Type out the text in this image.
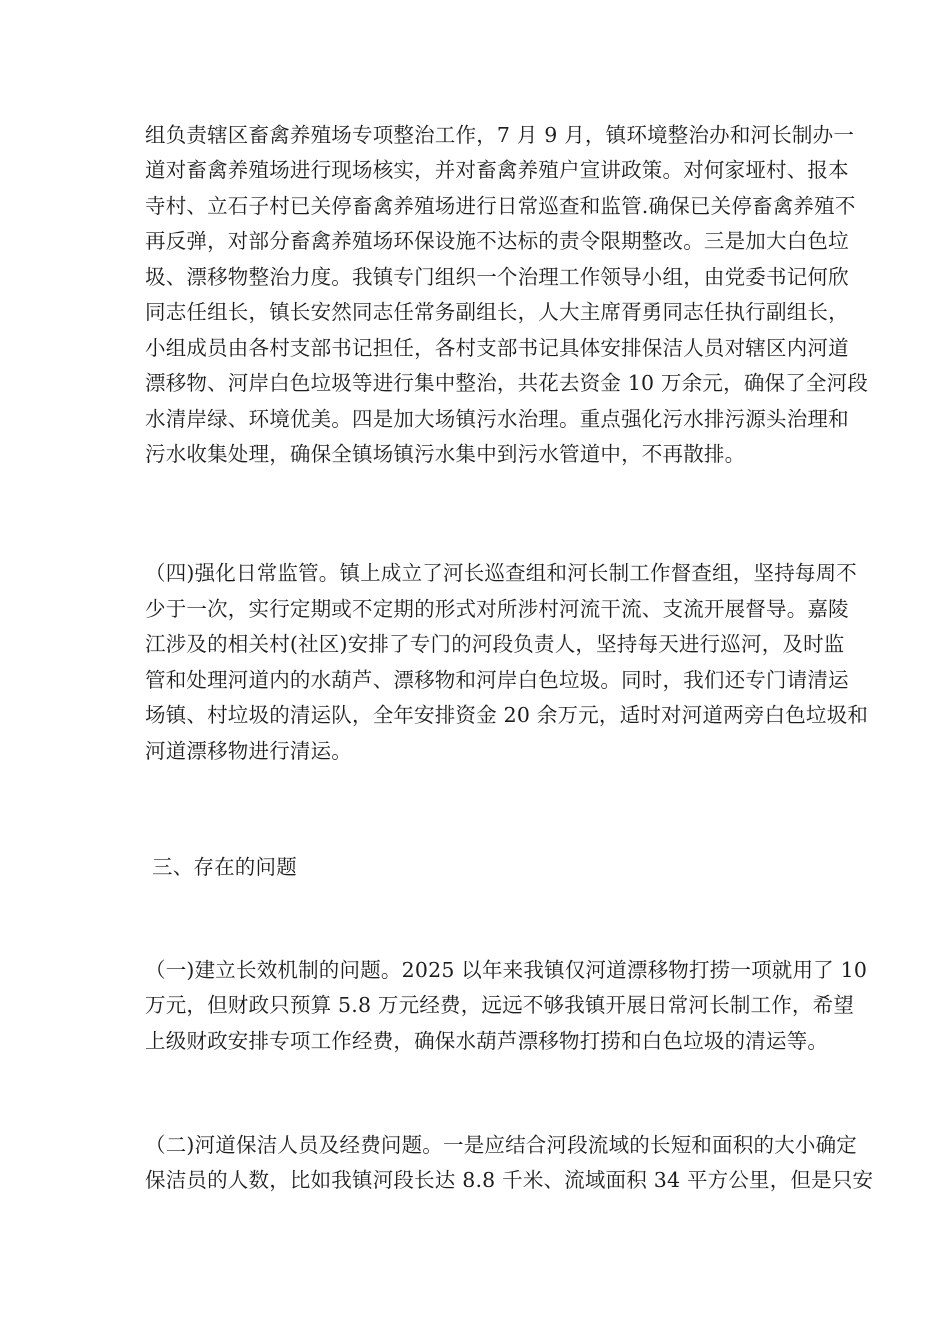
组负责辖区畜禽养殖场专项整治工作，7 月 9 月，镇环境整治办和河长制办一
道对畜禽养殖场进行现场核实，并对畜禽养殖户宣讲政策。对何家垭村、报本
寺村、立石子村已关停畜禽养殖场进行日常巡查和监管.确保已关停畜禽养殖不
再反弹，对部分畜禽养殖场环保设施不达标的责令限期整改。三是加大白色垃
圾、漂移物整治力度。我镇专门组织一个治理工作领导小组，由党委书记何欣
同志任组长，镇长安然同志任常务副组长，人大主席胥勇同志任执行副组长，
小组成员由各村支部书记担任，各村支部书记具体安排保洁人员对辖区内河道
漂移物、河岸白色垃圾等进行集中整治，共花去资金 10 万余元，确保了全河段
水清岸绿、环境优美。四是加大场镇污水治理。重点强化污水排污源头治理和
污水收集处理，确保全镇场镇污水集中到污水管道中，不再散排。
（四)强化日常监管。镇上成立了河长巡查组和河长制工作督查组，坚持每周不
少于一次，实行定期或不定期的形式对所涉村河流干流、支流开展督导。嘉陵
江涉及的相关村(社区)安排了专门的河段负责人，坚持每天进行巡河，及时监
管和处理河道内的水葫芦、漂移物和河岸白色垃圾。同时，我们还专门请清运
场镇、村垃圾的清运队，全年安排资金 20 余万元，适时对河道两旁白色垃圾和
河道漂移物进行清运。
三、存在的问题
（一)建立长效机制的问题。2025 以年来我镇仅河道漂移物打捞一项就用了 10
万元，但财政只预算 5.8 万元经费，远远不够我镇开展日常河长制工作，希望
上级财政安排专项工作经费，确保水葫芦漂移物打捞和白色垃圾的清运等。
（二)河道保洁人员及经费问题。一是应结合河段流域的长短和面积的大小确定
保洁员的人数，比如我镇河段长达 8.8 千米、流域面积 34 平方公里，但是只安
